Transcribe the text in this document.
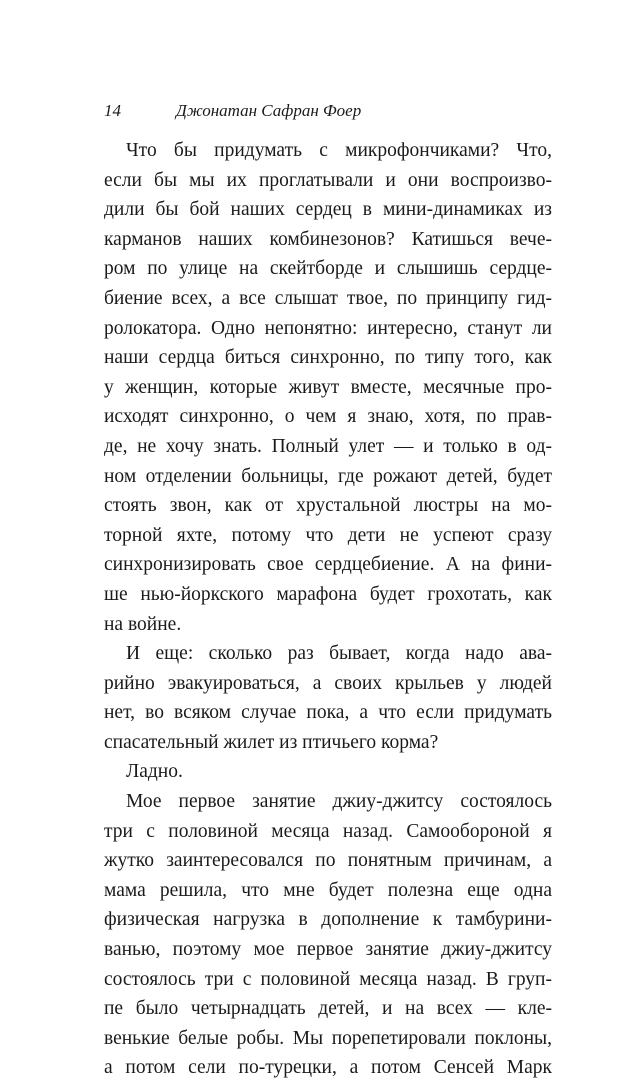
14	Джонатан Сафран Фоер
Что бы придумать с микрофончиками? Что,
если бы мы их проглатывали и они воспроизво-
дили бы бой наших сердец в мини-динамиках из
карманов наших комбинезонов? Катишься вече-
ром по улице на скейтборде и слышишь сердце-
биение всех, а все слышат твое, по принципу гид-
ролокатора. Одно непонятно: интересно, станут ли
наши сердца биться синхронно, по типу того, как
у женщин, которые живут вместе, месячные про-
исходят синхронно, о чем я знаю, хотя, по прав-
де, не хочу знать. Полный улет — и только в од-
ном отделении больницы, где рожают детей, будет
стоять звон, как от хрустальной люстры на мо-
торной яхте, потому что дети не успеют сразу
синхронизировать свое сердцебиение. А на фини-
ше нью-йоркского марафона будет грохотать, как
на войне.
И еще: сколько раз бывает, когда надо ава-
рийно эвакуироваться, а своих крыльев у людей
нет, во всяком случае пока, а что если придумать
спасательный жилет из птичьего корма?
Ладно.
Мое первое занятие джиу-джитсу состоялось
три с половиной месяца назад. Самообороной я
жутко заинтересовался по понятным причинам, а
мама решила, что мне будет полезна еще одна
физическая нагрузка в дополнение к тамбурини-
ванью, поэтому мое первое занятие джиу-джитсу
состоялось три с половиной месяца назад. В груп-
пе было четырнадцать детей, и на всех — кле-
венькие белые робы. Мы порепетировали поклоны,
а потом сели по-турецки, а потом Сенсей Марк
